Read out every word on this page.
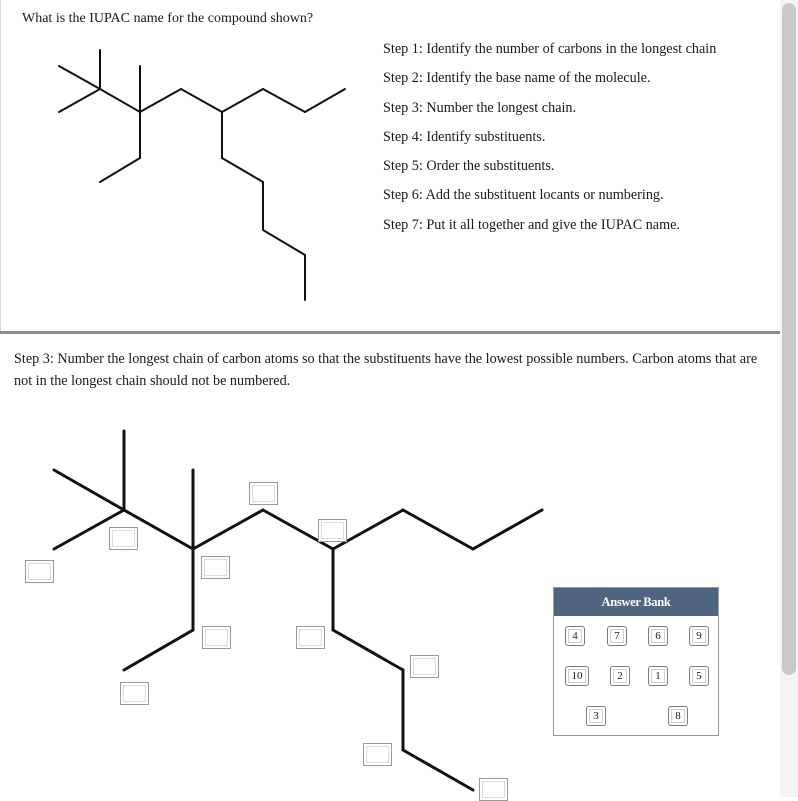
What is the IUPAC name for the compound shown?
Step 1: Identify the number of carbons in the longest chain
Step 2: Identify the base name of the molecule.
Step 3: Number the longest chain.
Step 4: Identify substituents.
Step 5: Order the substituents.
Step 6: Add the substituent locants or numbering.
Step 7: Put it all together and give the IUPAC name.
Step 3: Number the longest chain of carbon atoms so that the substituents have the lowest possible numbers. Carbon atoms that are not in the longest chain should not be numbered.
Answer Bank
4	7	6	9
10	2	1	5
3	8
